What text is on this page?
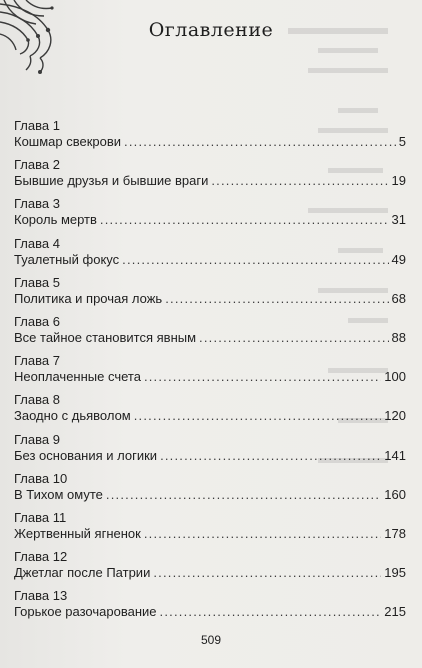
Оглавление
Глава 1
Кошмар свекрови .....	5
Глава 2
Бывшие друзья и бывшие враги .....	19
Глава 3
Король мертв .....	31
Глава 4
Туалетный фокус .....	49
Глава 5
Политика и прочая ложь .....	68
Глава 6
Все тайное становится явным .....	88
Глава 7
Неоплаченные счета .....	100
Глава 8
Заодно с дьяволом .....	120
Глава 9
Без основания и логики .....	141
Глава 10
В Тихом омуте .....	160
Глава 11
Жертвенный ягненок .....	178
Глава 12
Джетлаг после Патрии .....	195
Глава 13
Горькое разочарование .....	215
509
